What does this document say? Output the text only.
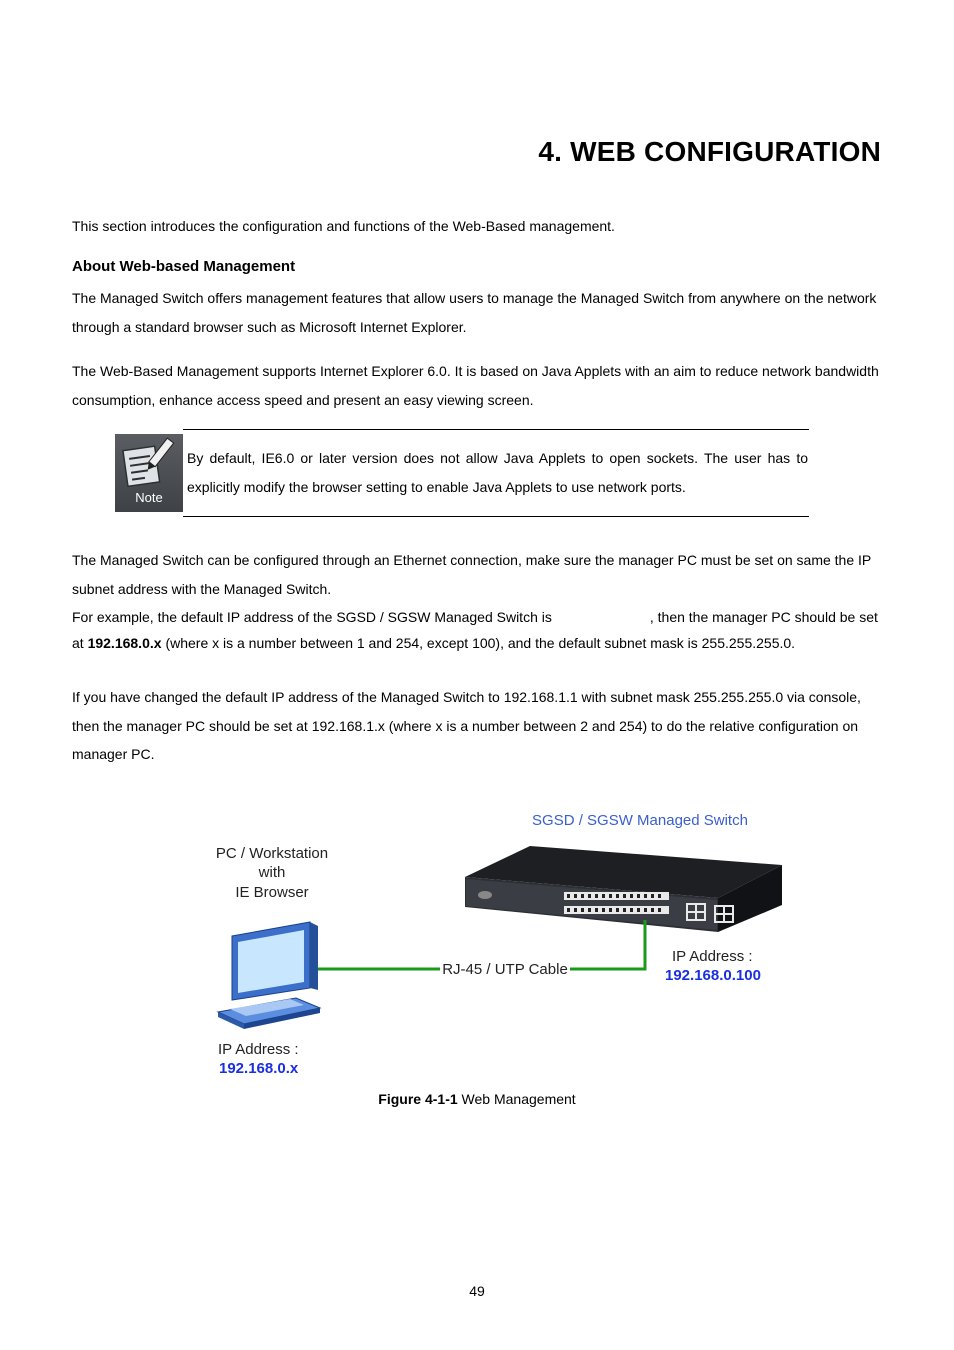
4. WEB CONFIGURATION
This section introduces the configuration and functions of the Web-Based management.
About Web-based Management
The Managed Switch offers management features that allow users to manage the Managed Switch from anywhere on the network through a standard browser such as Microsoft Internet Explorer.
The Web-Based Management supports Internet Explorer 6.0. It is based on Java Applets with an aim to reduce network bandwidth consumption, enhance access speed and present an easy viewing screen.
Note
By default, IE6.0 or later version does not allow Java Applets to open sockets. The user has to explicitly modify the browser setting to enable Java Applets to use network ports.
The Managed Switch can be configured through an Ethernet connection, make sure the manager PC must be set on same the IP subnet address with the Managed Switch.
For example, the default IP address of the SGSD / SGSW Managed Switch is	, then the manager PC should be set at 192.168.0.x (where x is a number between 1 and 254, except 100), and the default subnet mask is 255.255.255.0.
If you have changed the default IP address of the Managed Switch to 192.168.1.1 with subnet mask 255.255.255.0 via console, then the manager PC should be set at 192.168.1.x (where x is a number between 2 and 254) to do the relative configuration on manager PC.
SGSD / SGSW Managed Switch
PC / Workstation
with
IE Browser
RJ-45 / UTP Cable
IP Address :
192.168.0.100
IP Address :
192.168.0.x
Figure 4-1-1 Web Management
49
